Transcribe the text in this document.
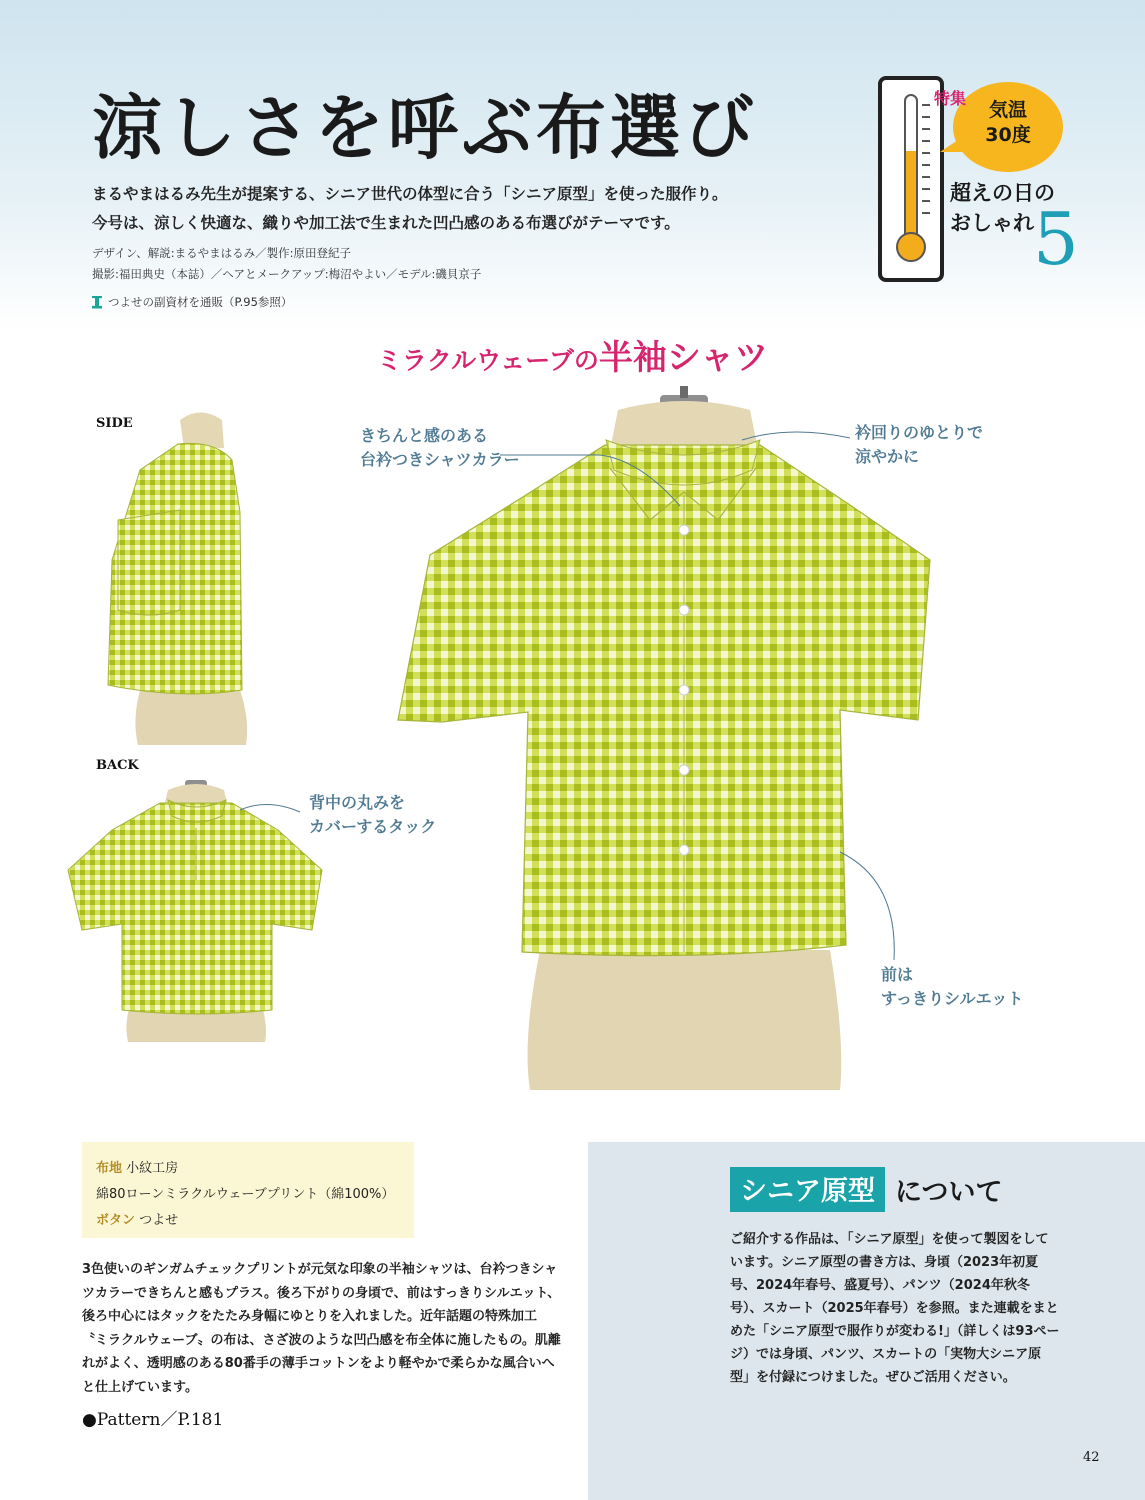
涼しさを呼ぶ布選び
まるやまはるみ先生が提案する、シニア世代の体型に合う「シニア原型」を使った服作り。
今号は、涼しく快適な、織りや加工法で生まれた凹凸感のある布選びがテーマです。
デザイン、解説:まるやまはるみ／製作:原田登紀子
撮影:福田典史（本誌）／ヘアとメークアップ:梅沼やよい／モデル:磯貝京子
つよせの副資材を通販（P.95参照）
特集
気温
30度
超えの日の
おしゃれ 5
ミラクルウェーブの半袖シャツ
SIDE
BACK
きちんと感のある
台衿つきシャツカラー
衿回りのゆとりで
涼やかに
背中の丸みを
カバーするタック
前は
すっきりシルエット
布地 小紋工房
綿80ローンミラクルウェーブプリント（綿100%）
ボタン つよせ
3色使いのギンガムチェックプリントが元気な印象の半袖シャツは、台衿つきシャツカラーできちんと感もプラス。後ろ下がりの身頃で、前はすっきりシルエット、後ろ中心にはタックをたたみ身幅にゆとりを入れました。近年話題の特殊加工〝ミラクルウェーブ〟の布は、さざ波のような凹凸感を布全体に施したもの。肌離れがよく、透明感のある80番手の薄手コットンをより軽やかで柔らかな風合いへと仕上げています。
●Pattern／P.181
シニア原型 について
ご紹介する作品は、「シニア原型」を使って製図をしています。シニア原型の書き方は、身頃（2023年初夏号、2024年春号、盛夏号）、パンツ（2024年秋冬号）、スカート（2025年春号）を参照。また連載をまとめた「シニア原型で服作りが変わる!」（詳しくは93ページ）では身頃、パンツ、スカートの「実物大シニア原型」を付録につけました。ぜひご活用ください。
42
